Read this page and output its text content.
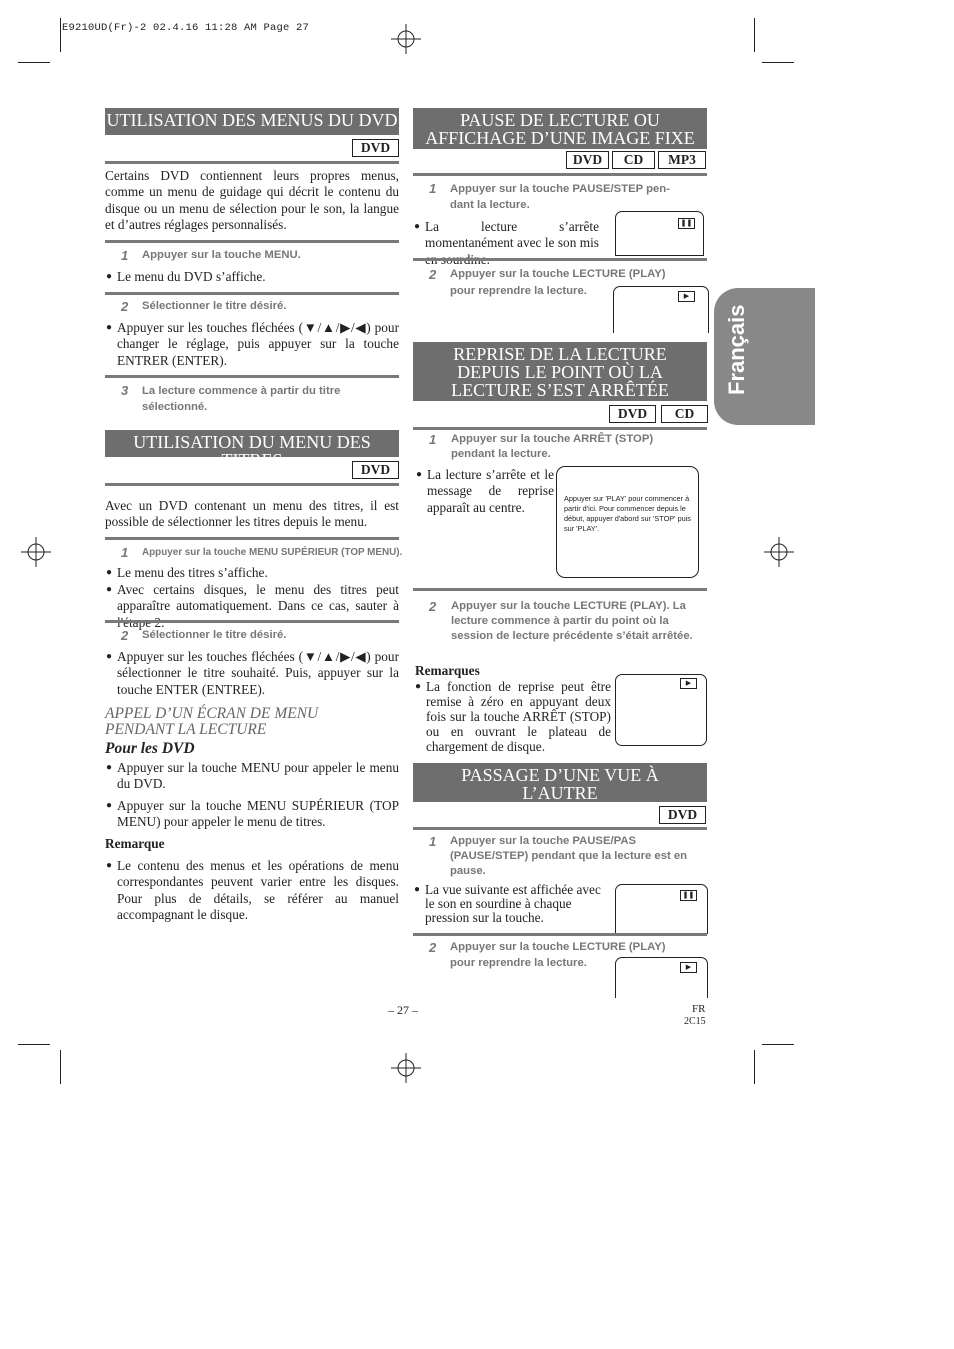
E9210UD(Fr)-2 02.4.16 11:28 AM Page 27
Français
UTILISATION DES MENUS DU DVD
DVD
Certains DVD contiennent leurs propres menus, comme un menu de guidage qui décrit le contenu du disque ou un menu de sélection pour le son, la langue et d’autres réglages personnalisés.
1	Appuyer sur la touche MENU.
● Le menu du DVD s’affiche.
2	Sélectionner le titre désiré.
● Appuyer sur les touches fléchées (▼/▲/▶/◀) pour changer le réglage, puis appuyer sur la touche ENTRER (ENTER).
3	La lecture commence à partir du titre
sélectionné.
UTILISATION DU MENU DES TITRES	DVD
Avec un DVD contenant un menu des titres, il est possible de sélectionner les titres depuis le menu.
1	Appuyer sur la touche MENU SUPÉRIEUR (TOP MENU).
● Le menu des titres s’affiche.
● Avec certains disques, le menu des titres peut apparaître automatiquement. Dans ce cas, sauter à
2	Sélectionner le titre désiré.
● Appuyer sur les touches fléchées (▼/▲/▶/◀) pour sélectionner le titre souhaité. Puis, appuyer sur la touche ENTER (ENTREE).
APPEL D’UN ÉCRAN DE MENU
PENDANT LA LECTURE
Pour les DVD
● Appuyer sur la touche MENU pour appeler le menu du DVD.
● Appuyer sur la touche MENU SUPÉRIEUR (TOP MENU) pour appeler le menu de titres.
Remarque
● Le contenu des menus et les opérations de menu correspondantes peuvent varier entre les disques. Pour plus de détails, se référer au manuel accompagnant le disque.
PAUSE DE LECTURE OU
AFFICHAGE D’UNE IMAGE FIXE
DVD	CD	MP3
1	Appuyer sur la touche PAUSE/STEP pen-
dant la lecture.
● La lecture s’arrête momentanément avec le son mis
❚❚
2	Appuyer sur la touche LECTURE (PLAY)
pour reprendre la lecture.	▶
REPRISE DE LA LECTURE
DEPUIS LE POINT OÙ LA
LECTURE S’EST ARRÊTÉE
DVD	CD
1	Appuyer sur la touche ARRÊT (STOP)
pendant la lecture.
● La lecture s’arrête et le message de reprise apparaît au centre.
Appuyer sur 'PLAY' pour commencer à partir d'ici. Pour commencer depuis le début, appuyer d'abord sur 'STOP' puis sur 'PLAY'.
2	Appuyer sur la touche LECTURE (PLAY). La lecture commence à partir du point où la session de lecture précédente s’était arrêtée.
Remarques
● La fonction de reprise peut être remise à zéro en appuyant deux fois sur la touche ARRÊT (STOP) ou en ouvrant le plateau de chargement de disque.
▶
PASSAGE D’UNE VUE À
L’AUTRE
DVD
1	Appuyer sur la touche PAUSE/PAS (PAUSE/STEP) pendant que la lecture est en pause.
● La vue suivante est affichée avec le son en sourdine à chaque pression sur la touche.
❚❚
2	Appuyer sur la touche LECTURE (PLAY)
pour reprendre la lecture.	▶
– 27 –	FR
2C15
